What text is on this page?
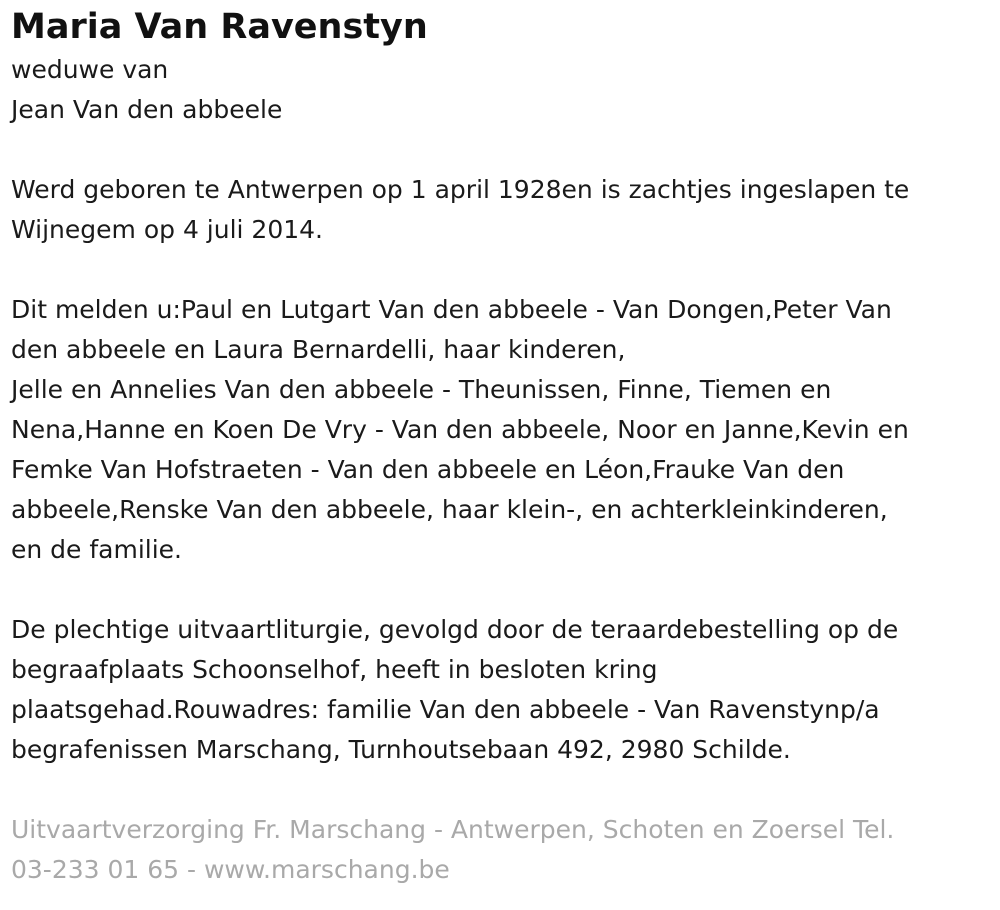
Maria Van Ravenstyn

weduwe van

Jean Van den abbeele

Werd geboren te Antwerpen op 1 april 1928en is zachtjes ingeslapen te

Wijnegem op 4 juli 2014.

Dit melden u:Paul en Lutgart Van den abbeele - Van Dongen,Peter Van

den abbeele en Laura Bernardelli, haar kinderen,

Jelle en Annelies Van den abbeele - Theunissen, Finne, Tiemen en

Nena,Hanne en Koen De Vry - Van den abbeele, Noor en Janne,Kevin en

Femke Van Hofstraeten - Van den abbeele en Léon,Frauke Van den

abbeele,Renske Van den abbeele, haar klein-, en achterkleinkinderen,

en de familie.

De plechtige uitvaartliturgie, gevolgd door de teraardebestelling op de

begraafplaats Schoonselhof, heeft in besloten kring

plaatsgehad.Rouwadres: familie Van den abbeele - Van Ravenstynp/a

begrafenissen Marschang, Turnhoutsebaan 492, 2980 Schilde.

Uitvaartverzorging Fr. Marschang - Antwerpen, Schoten en Zoersel Tel.

03-233 01 65 - www.marschang.be
